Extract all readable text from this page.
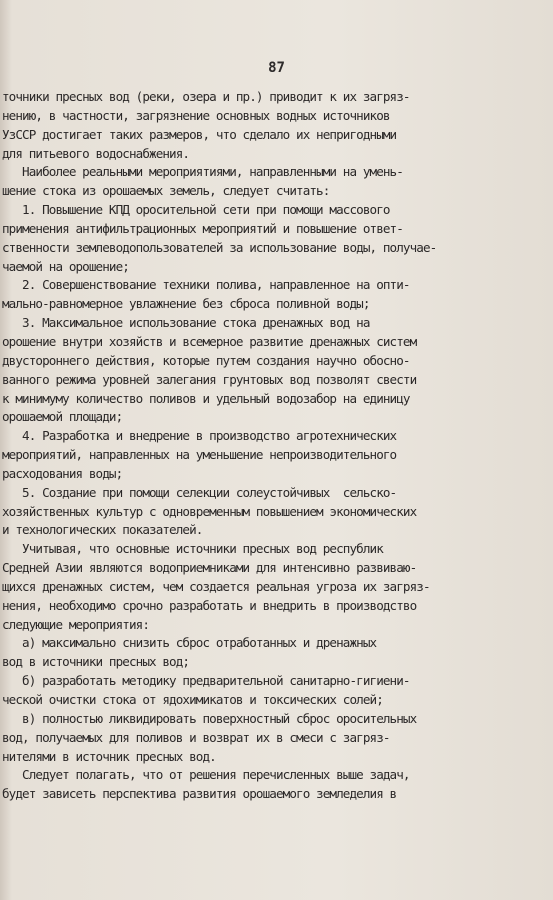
87
точники пресных вод (реки, озера и пр.) приводит к их загряз-
нению, в частности, загрязнение основных водных источников
УзССР достигает таких размеров, что сделало их непригодными
для питьевого водоснабжения.
Наиболее реальными мероприятиями, направленными на умень-
шение стока из орошаемых земель, следует считать:
1. Повышение КПД оросительной сети при помощи массового
применения антифильтрационных мероприятий и повышение ответ-
ственности землеводопользователей за использование воды, получае-
чаемой на орошение;
2. Совершенствование техники полива, направленное на опти-
мально-равномерное увлажнение без сброса поливной воды;
3. Максимальное использование стока дренажных вод на
орошение внутри хозяйств и всемерное развитие дренажных систем
двустороннего действия, которые путем создания научно обосно-
ванного режима уровней залегания грунтовых вод позволят свести
к минимуму количество поливов и удельный водозабор на единицу
орошаемой площади;
4. Разработка и внедрение в производство агротехнических
мероприятий, направленных на уменьшение непроизводительного
расходования воды;
5. Создание при помощи селекции солеустойчивых  сельско-
хозяйственных культур с одновременным повышением экономических
и технологических показателей.
Учитывая, что основные источники пресных вод республик
Средней Азии являются водоприемниками для интенсивно развиваю-
щихся дренажных систем, чем создается реальная угроза их загряз-
нения, необходимо срочно разработать и внедрить в производство
следующие мероприятия:
а) максимально снизить сброс отработанных и дренажных
вод в источники пресных вод;
б) разработать методику предварительной санитарно-гигиени-
ческой очистки стока от ядохимикатов и токсических солей;
в) полностью ликвидировать поверхностный сброс оросительных
вод, получаемых для поливов и возврат их в смеси с загряз-
нителями в источник пресных вод.
Следует полагать, что от решения перечисленных выше задач,
будет зависеть перспектива развития орошаемого земледелия в
